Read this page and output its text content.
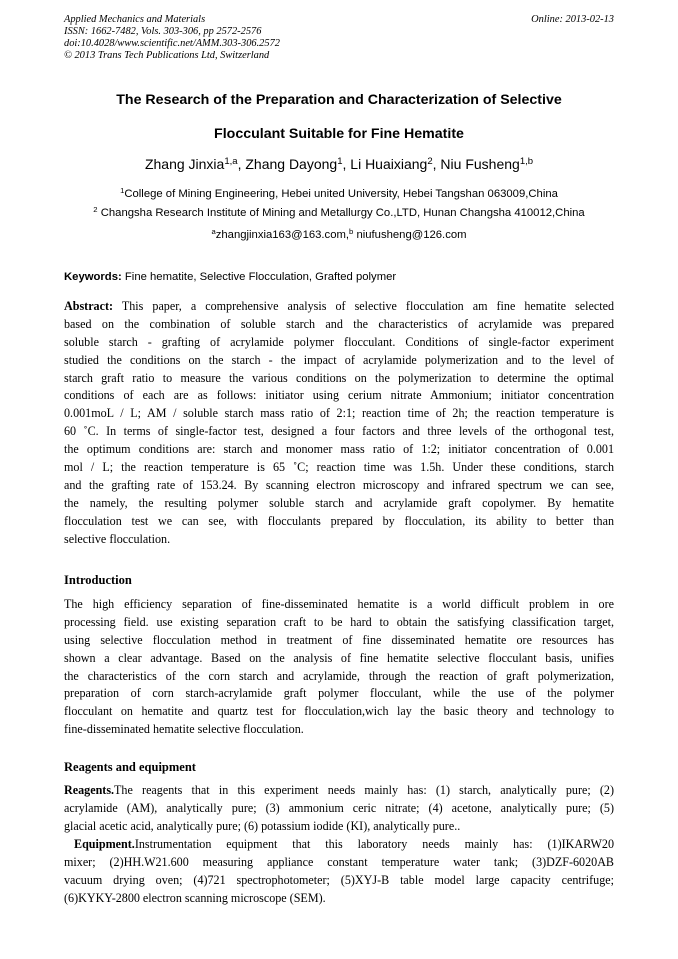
Applied Mechanics and Materials
ISSN: 1662-7482, Vols. 303-306, pp 2572-2576
doi:10.4028/www.scientific.net/AMM.303-306.2572
© 2013 Trans Tech Publications Ltd, Switzerland
Online: 2013-02-13
The Research of the Preparation and Characterization of Selective
Flocculant Suitable for Fine Hematite
Zhang Jinxia$^{1,a}$, Zhang Dayong$^1$, Li Huaixiang$^2$, Niu Fusheng$^{1,b}$
$^1$College of Mining Engineering, Hebei united University, Hebei Tangshan 063009,China
$^2$ Changsha Research Institute of Mining and Metallurgy Co.,LTD, Hunan Changsha 410012,China
$^a$zhangjinxia163@163.com,$^b$ niufusheng@126.com
Keywords: Fine hematite, Selective Flocculation, Grafted polymer
Abstract: This paper, a comprehensive analysis of selective flocculation am fine hematite selected
based on the combination of soluble starch and the characteristics of acrylamide was prepared
soluble starch - grafting of acrylamide polymer flocculant. Conditions of single-factor experiment
studied the conditions on the starch - the impact of acrylamide polymerization and to the level of
starch graft ratio to measure the various conditions on the polymerization to determine the optimal
conditions of each are as follows: initiator using cerium nitrate Ammonium; initiator concentration
0.001moL / L; AM / soluble starch mass ratio of 2:1; reaction time of 2h; the reaction temperature is
60 ˚C. In terms of single-factor test, designed a four factors and three levels of the orthogonal test,
the optimum conditions are: starch and monomer mass ratio of 1:2; initiator concentration of 0.001
mol / L; the reaction temperature is 65 ˚C; reaction time was 1.5h. Under these conditions, starch
and the grafting rate of 153.24. By scanning electron microscopy and infrared spectrum we can see,
the namely, the resulting polymer soluble starch and acrylamide graft copolymer. By hematite
flocculation test we can see, with flocculants prepared by flocculation, its ability to better than
selective flocculation.
Introduction
The high efficiency separation of fine-disseminated hematite is a world difficult problem in ore
processing field. use existing separation craft to be hard to obtain the satisfying classification target,
using selective flocculation method in treatment of fine disseminated hematite ore resources has
shown a clear advantage. Based on the analysis of fine hematite selective flocculant basis, unifies
the characteristics of the corn starch and acrylamide, through the reaction of graft polymerization,
preparation of corn starch-acrylamide graft polymer flocculant, while the use of the polymer
flocculant on hematite and quartz test for flocculation,wich lay the basic theory and technology to
fine-disseminated hematite selective flocculation.
Reagents and equipment
Reagents.The reagents that in this experiment needs mainly has: (1) starch, analytically pure; (2)
acrylamide (AM), analytically pure; (3) ammonium ceric nitrate; (4) acetone, analytically pure; (5)
glacial acetic acid, analytically pure; (6) potassium iodide (KI), analytically pure..
Equipment.Instrumentation equipment that this laboratory needs mainly has: (1)IKARW20
mixer; (2)HH.W21.600 measuring appliance constant temperature water tank; (3)DZF-6020AB
vacuum drying oven; (4)721 spectrophotometer; (5)XYJ-B table model large capacity centrifuge;
(6)KYKY-2800 electron scanning microscope (SEM).
